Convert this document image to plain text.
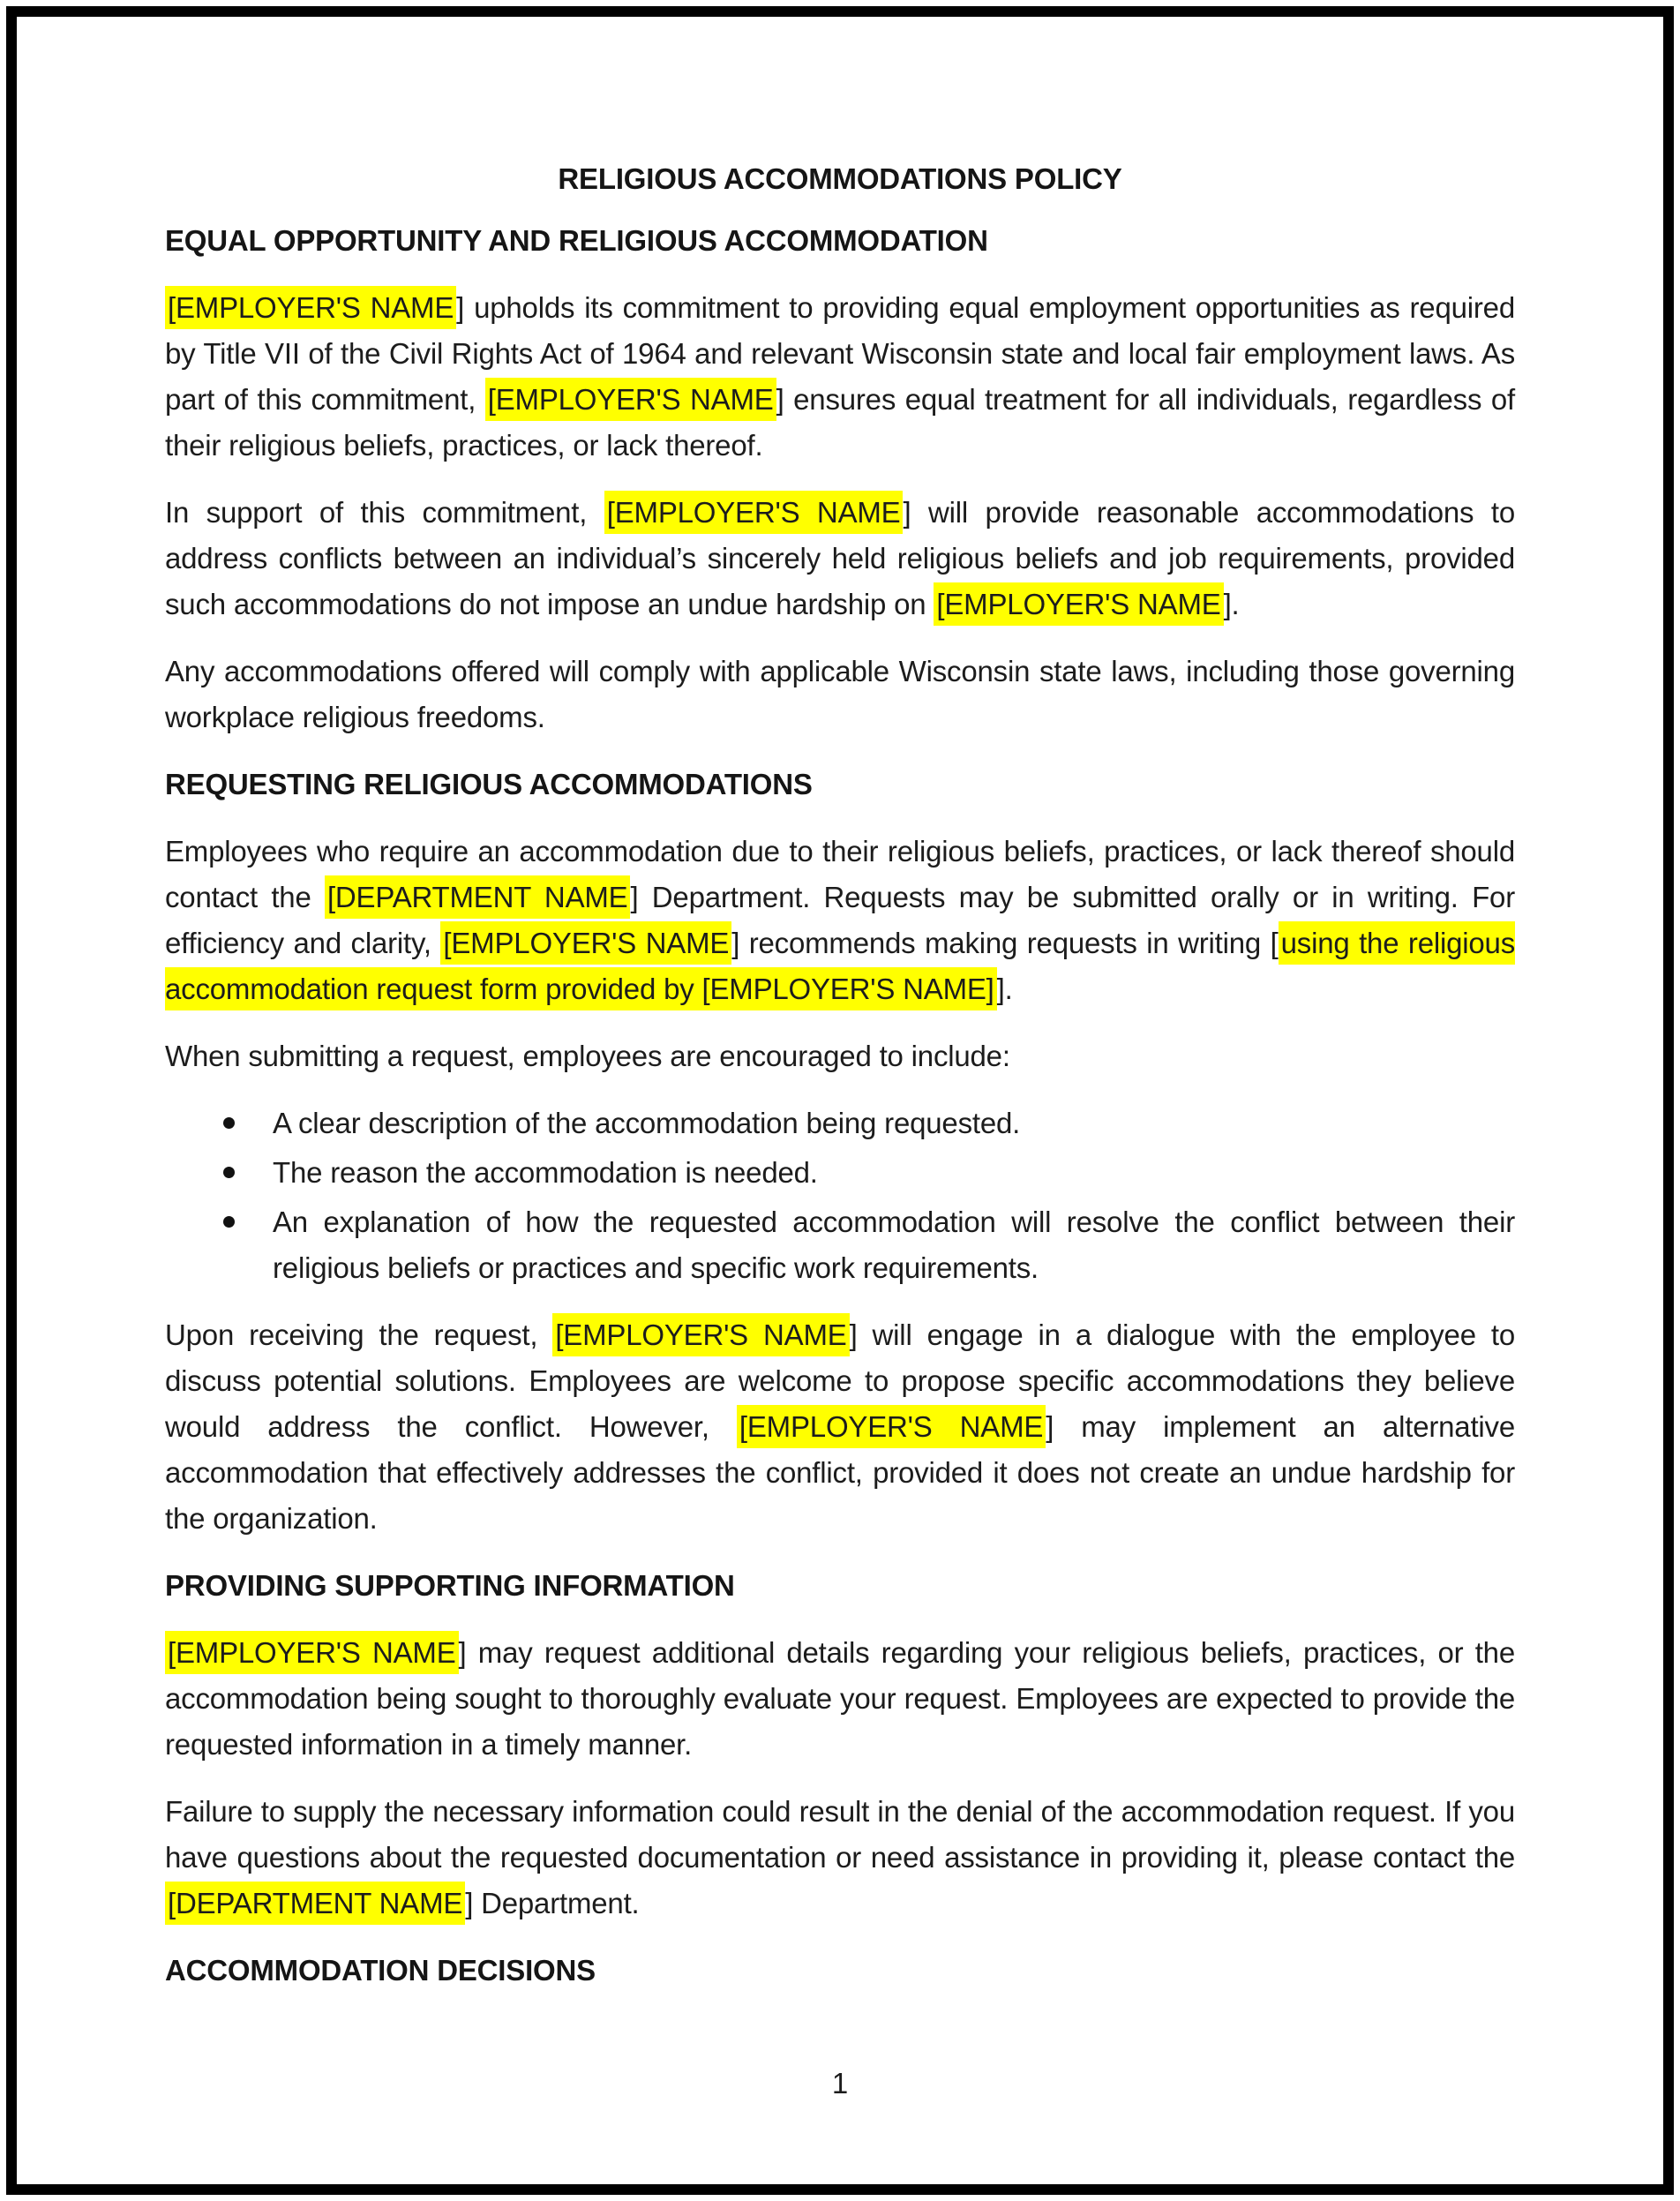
RELIGIOUS ACCOMMODATIONS POLICY
EQUAL OPPORTUNITY AND RELIGIOUS ACCOMMODATION

[EMPLOYER'S NAME] upholds its commitment to providing equal employment opportunities as required by Title VII of the Civil Rights Act of 1964 and relevant Wisconsin state and local fair employment laws. As part of this commitment, [EMPLOYER'S NAME] ensures equal treatment for all individuals, regardless of their religious beliefs, practices, or lack thereof.

In support of this commitment, [EMPLOYER'S NAME] will provide reasonable accommodations to address conflicts between an individual’s sincerely held religious beliefs and job requirements, provided such accommodations do not impose an undue hardship on [EMPLOYER'S NAME].

Any accommodations offered will comply with applicable Wisconsin state laws, including those governing workplace religious freedoms.

REQUESTING RELIGIOUS ACCOMMODATIONS

Employees who require an accommodation due to their religious beliefs, practices, or lack thereof should contact the [DEPARTMENT NAME] Department. Requests may be submitted orally or in writing. For efficiency and clarity, [EMPLOYER'S NAME] recommends making requests in writing [using the religious accommodation request form provided by [EMPLOYER'S NAME]].

When submitting a request, employees are encouraged to include:

A clear description of the accommodation being requested.
The reason the accommodation is needed.
An explanation of how the requested accommodation will resolve the conflict between their religious beliefs or practices and specific work requirements.

Upon receiving the request, [EMPLOYER'S NAME] will engage in a dialogue with the employee to discuss potential solutions. Employees are welcome to propose specific accommodations they believe would address the conflict. However, [EMPLOYER'S NAME] may implement an alternative accommodation that effectively addresses the conflict, provided it does not create an undue hardship for the organization.

PROVIDING SUPPORTING INFORMATION

[EMPLOYER'S NAME] may request additional details regarding your religious beliefs, practices, or the accommodation being sought to thoroughly evaluate your request. Employees are expected to provide the requested information in a timely manner.

Failure to supply the necessary information could result in the denial of the accommodation request. If you have questions about the requested documentation or need assistance in providing it, please contact the [DEPARTMENT NAME] Department.

ACCOMMODATION DECISIONS
1
